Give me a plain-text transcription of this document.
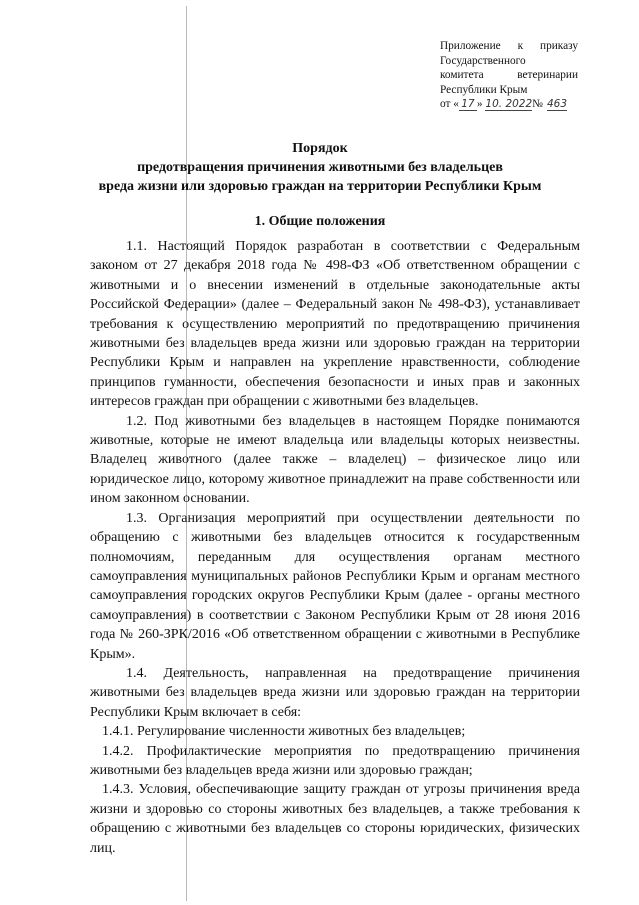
Приложение к приказу
Государственного
комитета ветеринарии
Республики Крым
от « 17 » 10. 2022№ 463
Порядок
предотвращения причинения животными без владельцев
вреда жизни или здоровью граждан на территории Республики Крым
1. Общие положения

1.1. Настоящий Порядок разработан в соответствии с Федеральным законом от 27 декабря 2018 года № 498-ФЗ «Об ответственном обращении с животными и о внесении изменений в отдельные законодательные акты Российской Федерации» (далее – Федеральный закон № 498-ФЗ), устанавливает требования к осуществлению мероприятий по предотвращению причинения животными без владельцев вреда жизни или здоровью граждан на территории Республики Крым и направлен на укрепление нравственности, соблюдение принципов гуманности, обеспечения безопасности и иных прав и законных интересов граждан при обращении с животными без владельцев.

1.2. Под животными без владельцев в настоящем Порядке понимаются животные, которые не имеют владельца или владельцы которых неизвестны. Владелец животного (далее также – владелец) – физическое лицо или юридическое лицо, которому животное принадлежит на праве собственности или ином законном основании.

1.3. Организация мероприятий при осуществлении деятельности по обращению с животными без владельцев относится к государственным полномочиям, переданным для осуществления органам местного самоуправления муниципальных районов Республики Крым и органам местного самоуправления городских округов Республики Крым (далее - органы местного самоуправления) в соответствии с Законом Республики Крым от 28 июня 2016 года № 260-ЗРК/2016 «Об ответственном обращении с животными в Республике Крым».

1.4. Деятельность, направленная на предотвращение причинения животными без владельцев вреда жизни или здоровью граждан на территории Республики Крым включает в себя:

1.4.1. Регулирование численности животных без владельцев;

1.4.2. Профилактические мероприятия по предотвращению причинения животными без владельцев вреда жизни или здоровью граждан;

1.4.3. Условия, обеспечивающие защиту граждан от угрозы причинения вреда жизни и здоровью со стороны животных без владельцев, а также требования к обращению с животными без владельцев со стороны юридических, физических лиц.
